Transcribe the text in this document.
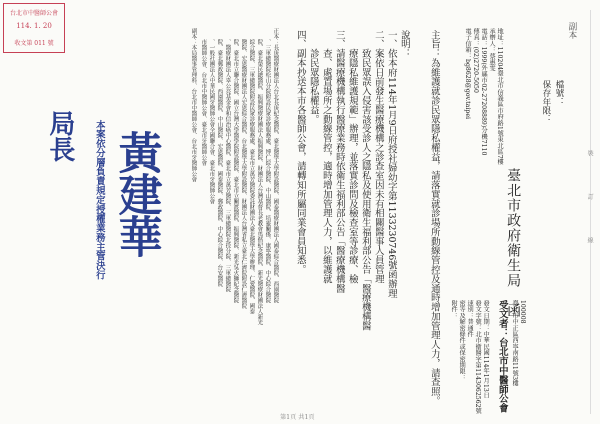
台北市中醫師公會
114. 1. 20
收文第 011 號
裝　　　　　　訂　　　　　　線
副本
檔號：
保存年限：
臺北市政府衛生局　函
地址：110204臺北市信義區市府路1號東北區7樓
承辦人：蔡惠雯
電話：1999(外縣市02-27208889)分機7110
傳真：(02)2720-5050
電子信箱：bg8628@gov.taipei
100008
臺北市中正區西寧南路11號3樓
受文者：台北市中醫師公會
發文日期：中華民國114年1月13日
發文字號：北市衛醫字第1143062562號
速別：普通件
密等及解密條件或保密期限：
附件：
主旨：為維護就診民眾隱私權益，請落實就診場所動線管控及通時增加管理人力，請查照。
說明：
一、依本府114年1月9日府授社婦幼字第1133230746號函辦理
二、案依日前發生醫療機構之診查室因未有相關醫事人員管理
　　致民眾誤入侵害該受診人之隱私及使用衛生福利部公告「醫療機構醫
　　療隱私維護規範」辦理，並落實診問及檢查室等診療、檢
三、請醫療機構執行醫療業務時依衛生福利部公告「醫療機構醫
　　查、處置場所之動線管控，適時增加管理人力，以維護就
　　診民眾隱私權益。
四、副本抄送本市各醫師公會，請轉知所屬同業會員知悉。
正本：長庚醫療財團法人台北長庚紀念醫院、臺北醫學大學附設醫院、國泰醫療財團法人國泰綜合醫院、西園醫院
　　、三軍總醫院松山分院附設民眾診療服務處、博仁綜合醫院、中山醫院、培靈關係、康寧醫院、中心綜合醫院
　　院、臺北榮民總醫院、振興醫療財團法人振興醫院、財團法人台灣基督長老教會馬偕紀念醫院、新光醫療財團法人新光
　　綜合醫院、三軍總醫院附設民眾診療服務處、臺北市立萬芳醫院委託財團法人臺北醫學大學辦理、仁愛醫院、國泰
　　醫院、宏恩醫療財團法人宏恩綜合醫院、台北醫學大學附設醫院、財團法人台灣省私立臺北仁濟院附設仁濟醫院
　　院、臺北市立聯合醫院、國立台灣大學醫學院附設醫院、臺北市立關渡醫院、振興醫院、新光吳火獅紀念醫院
　　、醫療財團法人辜公亮基金會和信治癌中心醫院、臺北市立萬芳醫院、三軍總醫院北投分院、三軍總醫院
　　院、臺北郵政醫院、西園醫院、中山醫院、宏恩醫院、國泰醫院、郵政醫院、中心綜合醫院、台安醫院
　　、一般社團法人中華民國牙醫師公會全國聯合會、臺北市牙醫師公會
　　市醫師公會、台北市中醫師公會、臺北市牙醫師公會
副本：本局醫事管理科、台北市中醫師公會、台北市牙醫師公會
局長 黃建華
本案依分層負責規定授權業務主管決行
第1頁 共1頁
